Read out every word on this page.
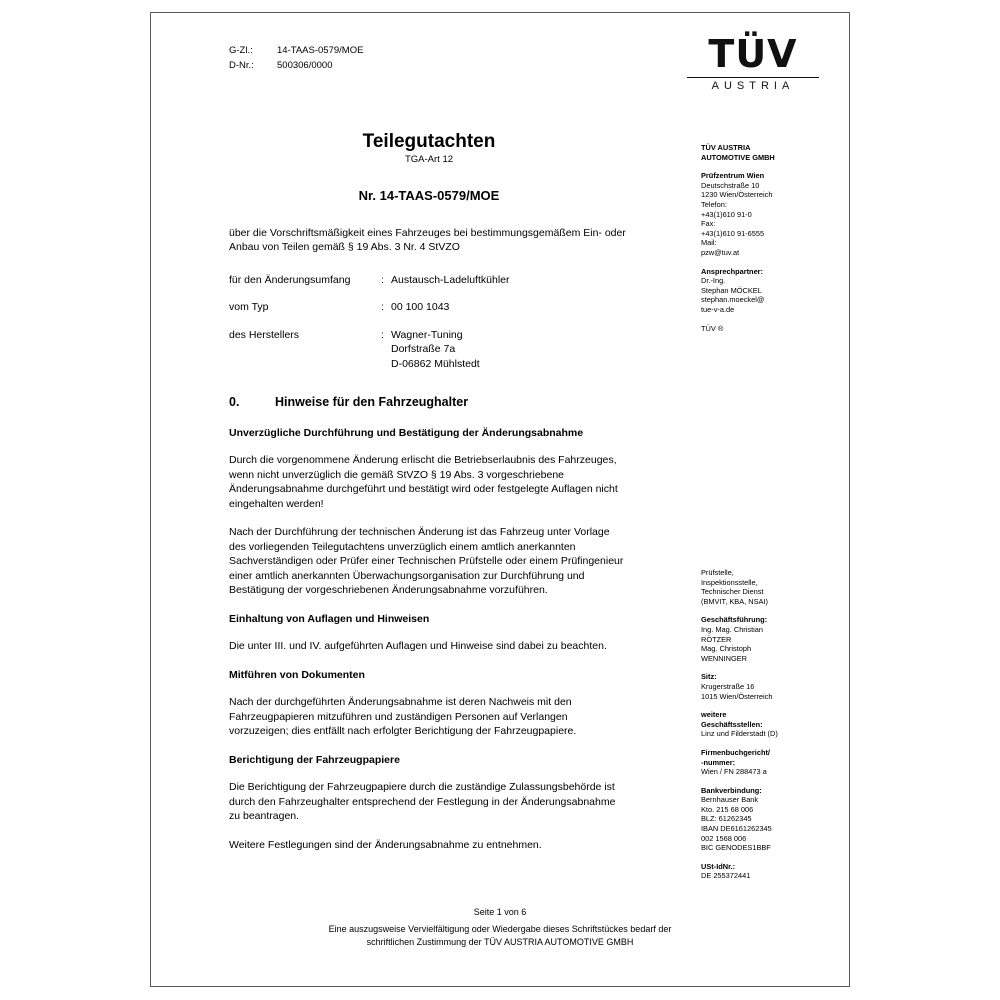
G-Zl.:	14-TAAS-0579/MOE
D-Nr.:	500306/0000	TÜV
AUSTRIA
Teilegutachten
TGA-Art 12
Nr. 14-TAAS-0579/MOE
über die Vorschriftsmäßigkeit eines Fahrzeuges bei bestimmungsgemäßem Ein- oder Anbau von Teilen gemäß § 19 Abs. 3 Nr. 4 StVZO
für den Änderungsumfang	: Austausch-Ladeluftkühler
vom Typ	: 00 100 1043
des Herstellers	: Wagner-Tuning
Dorfstraße 7a
D-06862 Mühlstedt
0.	Hinweise für den Fahrzeughalter
Unverzügliche Durchführung und Bestätigung der Änderungsabnahme
Durch die vorgenommene Änderung erlischt die Betriebserlaubnis des Fahrzeuges, wenn nicht unverzüglich die gemäß StVZO § 19 Abs. 3 vorgeschriebene Änderungsabnahme durchgeführt und bestätigt wird oder festgelegte Auflagen nicht eingehalten werden!
Nach der Durchführung der technischen Änderung ist das Fahrzeug unter Vorlage des vorliegenden Teilegutachtens unverzüglich einem amtlich anerkannten Sachverständigen oder Prüfer einer Technischen Prüfstelle oder einem Prüfingenieur einer amtlich anerkannten Überwachungsorganisation zur Durchführung und Bestätigung der vorgeschriebenen Änderungsabnahme vorzuführen.
Einhaltung von Auflagen und Hinweisen
Die unter III. und IV. aufgeführten Auflagen und Hinweise sind dabei zu beachten.
Mitführen von Dokumenten
Nach der durchgeführten Änderungsabnahme ist deren Nachweis mit den Fahrzeugpapieren mitzuführen und zuständigen Personen auf Verlangen vorzuzeigen; dies entfällt nach erfolgter Berichtigung der Fahrzeugpapiere.
Berichtigung der Fahrzeugpapiere
Die Berichtigung der Fahrzeugpapiere durch die zuständige Zulassungsbehörde ist durch den Fahrzeughalter entsprechend der Festlegung in der Änderungsabnahme zu beantragen.
Weitere Festlegungen sind der Änderungsabnahme zu entnehmen.
TÜV AUSTRIA
AUTOMOTIVE GMBH
Prüfzentrum Wien
Deutschstraße 10
1230 Wien/Österreich
Telefon:
+43(1)610 91-0
Fax:
+43(1)610 91-6555
Mail:
pzw@tuv.at
Ansprechpartner:
Dr.-Ing.
Stephan MÖCKEL
stephan.moeckel@
tue-v-a.de
TÜV ®
Prüfstelle,
Inspektionsstelle,
Technischer Dienst
(BMVIT, KBA, NSAI)
Geschäftsführung:
Ing. Mag. Christian
RÖTZER
Mag. Christoph
WENNINGER
Sitz:
Krugerstraße 16
1015 Wien/Österreich
weitere
Geschäftsstellen:
Linz und Filderstadt (D)
Firmenbuchgericht/
-nummer:
Wien / FN 288473 a
Bankverbindung:
Bernhauser Bank
Kto. 215 68 006
BLZ: 61262345
IBAN DE6161262345
002 1568 006
BIC GENODES1BBF
USt-IdNr.:
DE 255372441
Seite 1 von 6
Eine auszugsweise Vervielfältigung oder Wiedergabe dieses Schriftstückes bedarf der
schriftlichen Zustimmung der TÜV AUSTRIA AUTOMOTIVE GMBH
